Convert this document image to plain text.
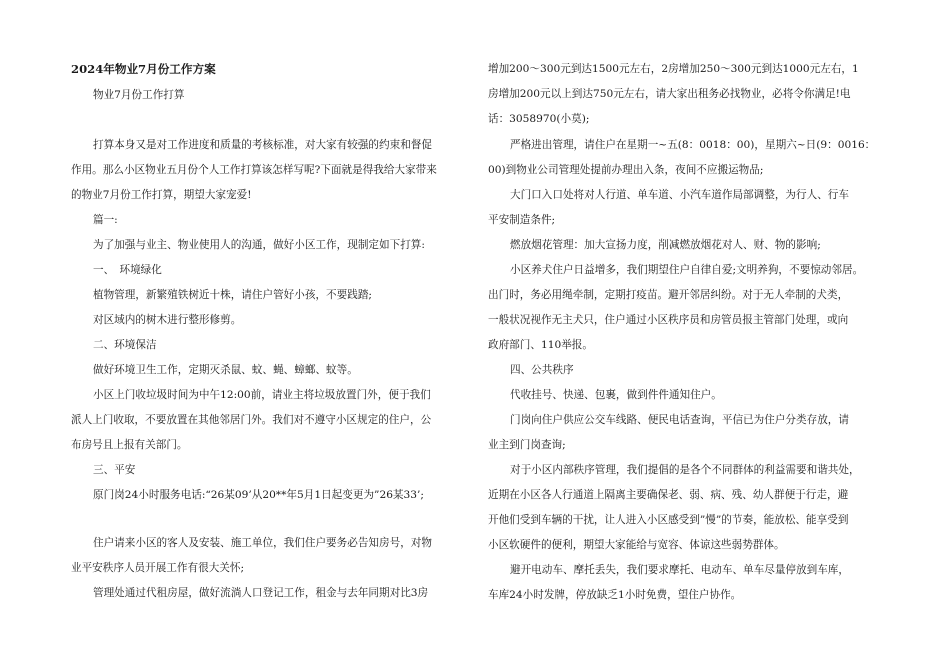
2024年物业7月份工作方案
物业7月份工作打算
打算本身又是对工作进度和质量的考核标准，对大家有较强的约束和督促
作用。那么小区物业五月份个人工作打算该怎样写呢?下面就是得我给大家带来
的物业7月份工作打算，期望大家宠爱!
篇一:
为了加强与业主、物业使用人的沟通，做好小区工作，现制定如下打算:
一、　环境绿化
植物管理，新繁殖铁树近十株，请住户管好小孩，不要践踏;
对区域内的树木进行整形修剪。
二、环境保洁
做好环境卫生工作，定期灭杀鼠、蚊、蝇、蟑螂、蚊等。
小区上门收垃圾时间为中午12:00前，请业主将垃圾放置门外，便于我们
派人上门收取，不要放置在其他邻居门外。我们对不遵守小区规定的住户，公
布房号且上报有关部门。
三、平安
原门岗24小时服务电话:“26某09’从20**年5月1日起变更为”26某33’;
住户请来小区的客人及安装、施工单位，我们住户要务必告知房号，对物
业平安秩序人员开展工作有很大关怀;
管理处通过代租房屋，做好流淌人口登记工作，租金与去年同期对比3房
增加200～300元到达1500元左右，2房增加250～300元到达1000元左右，1
房增加200元以上到达750元左右，请大家出租务必找物业，必将令你满足!电
话：3058970(小莫);
严格进出管理，请住户在星期一~五(8：0018：00)，星期六~日(9：0016：
00)到物业公司管理处提前办理出入条，夜间不应搬运物品;
大门口入口处将对人行道、单车道、小汽车道作局部调整，为行人、行车
平安制造条件;
燃放烟花管理：加大宣扬力度，削减燃放烟花对人、财、物的影响;
小区养犬住户日益增多，我们期望住户自律自爱;文明养狗，不要惊动邻居。
出门时，务必用绳牵制，定期打疫苗。避开邻居纠纷。对于无人牵制的犬类，
一般状况视作无主犬只，住户通过小区秩序员和房管员报主管部门处理，或向
政府部门、110举报。
四、公共秩序
代收挂号、快递、包裹，做到件件通知住户。
门岗向住户供应公交车线路、便民电话查询，平信已为住户分类存放，请
业主到门岗查询;
对于小区内部秩序管理，我们提倡的是各个不同群体的利益需要和谐共处，
近期在小区各人行通道上隔离主要确保老、弱、病、残、幼人群便于行走，避
开他们受到车辆的干扰，让人进入小区感受到”慢”的节奏，能放松、能享受到
小区软硬件的便利，期望大家能给与宽容、体谅这些弱势群体。
避开电动车、摩托丢失，我们要求摩托、电动车、单车尽量停放到车库，
车库24小时发牌，停放缺乏1小时免费，望住户协作。
